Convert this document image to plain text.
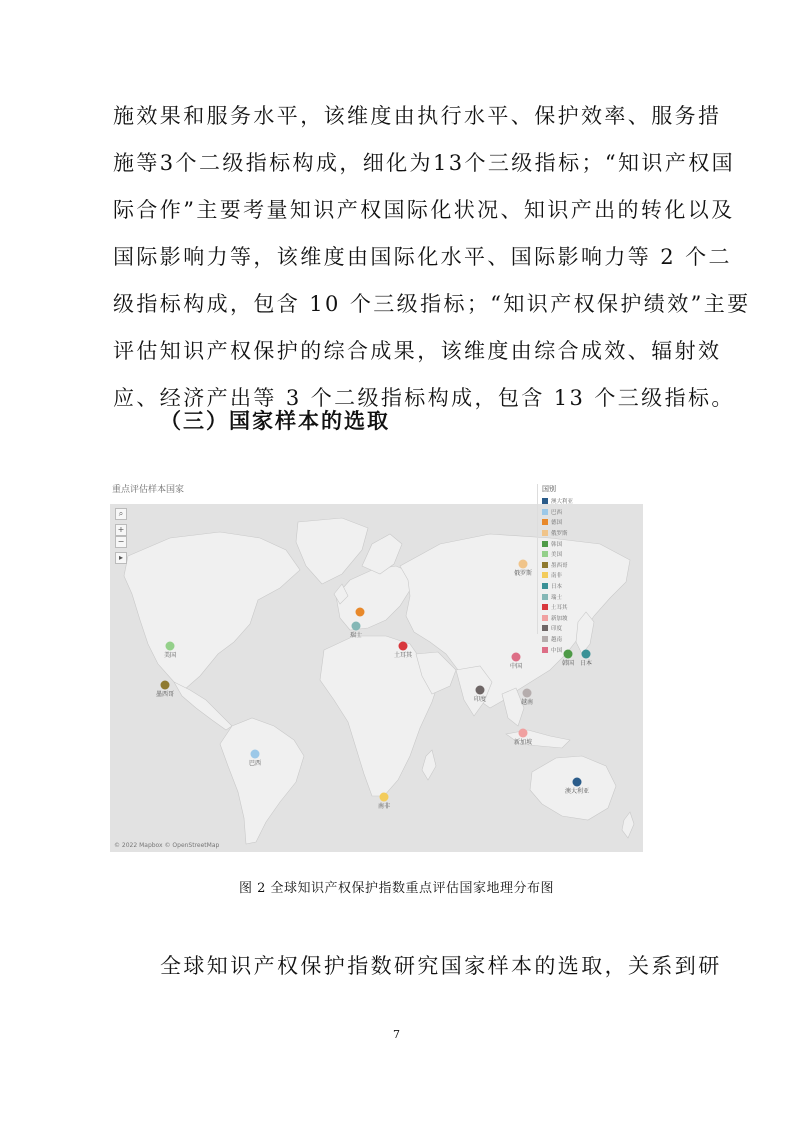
施效果和服务水平，该维度由执行水平、保护效率、服务措
施等3个二级指标构成，细化为13个三级指标；“知识产权国
际合作”主要考量知识产权国际化状况、知识产出的转化以及
国际影响力等，该维度由国际化水平、国际影响力等 2 个二
级指标构成，包含 10 个三级指标；“知识产权保护绩效”主要
评估知识产权保护的综合成果，该维度由综合成效、辐射效
应、经济产出等 3 个二级指标构成，包含 13 个三级指标。
（三）国家样本的选取
重点评估样本国家
澳大利亚
巴西
俄罗斯
韩国
美国
墨西哥
南非
日本
瑞士
土耳其
新加坡
印度	越南
中国
⌕
+
−
▸
© 2022 Mapbox © OpenStreetMap
国别
澳大利亚
巴西
德国
俄罗斯
韩国
美国
墨西哥
南非
日本
瑞士
土耳其
新加坡
印度
越南
中国
图 2 全球知识产权保护指数重点评估国家地理分布图
全球知识产权保护指数研究国家样本的选取，关系到研
7
